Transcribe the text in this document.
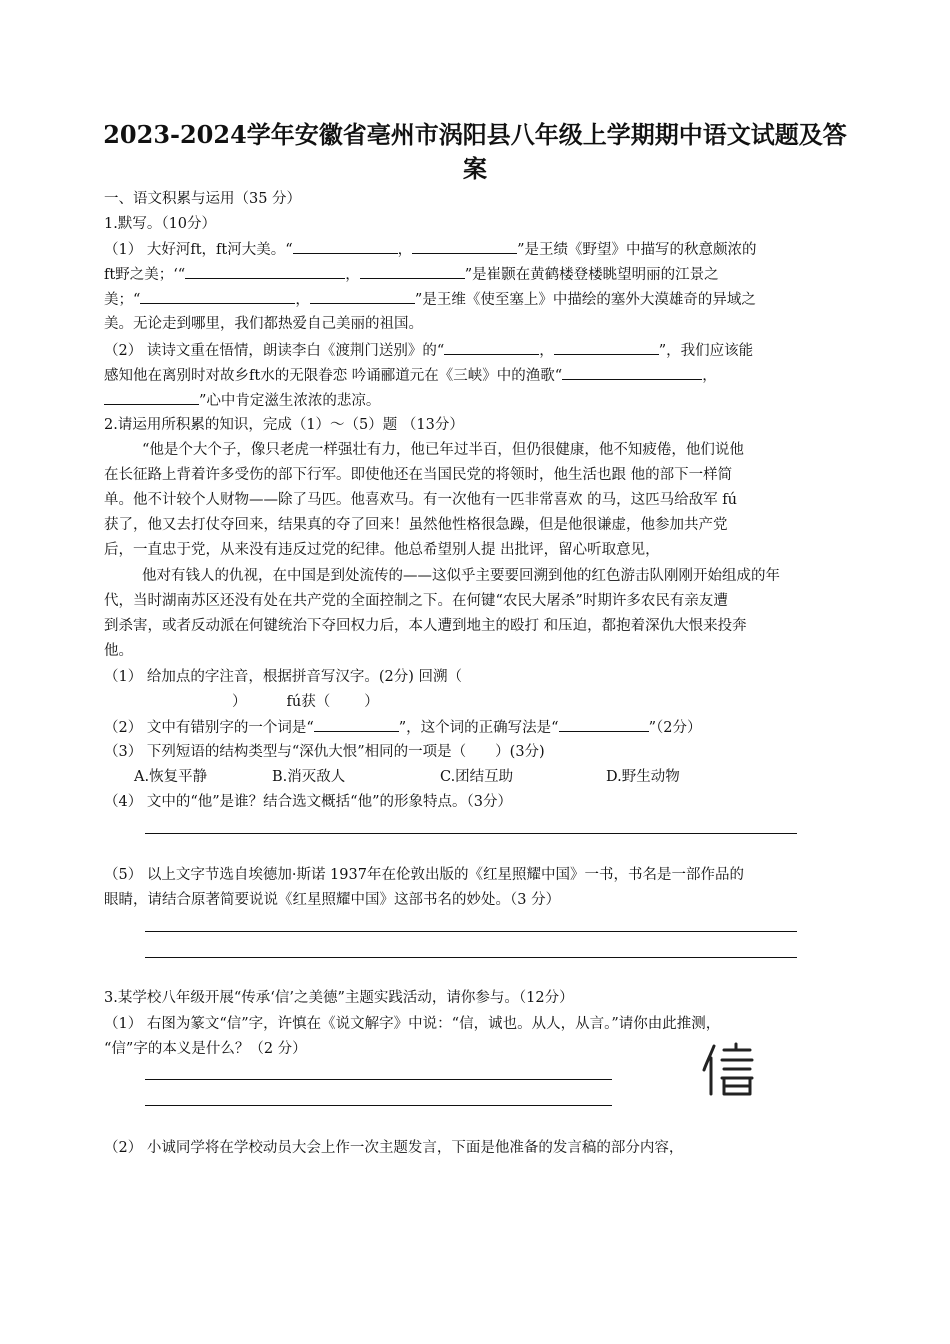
2023-2024学年安徽省亳州市涡阳县八年级上学期期中语文试题及答
案
一、语文积累与运用（35 分）
1.默写。（10分）
（1） 大好河ft，ft河大美。“	，	”是王绩《野望》中描写的秋意颇浓的
ft野之美；‘“	，	”是崔颢在黄鹤楼登楼眺望明丽的江景之
美；“	，	”是王维《使至塞上》中描绘的塞外大漠雄奇的异域之
美。无论走到哪里，我们都热爱自己美丽的祖国。
（2） 读诗文重在悟情，朗读李白《渡荆门送别》的“	，	”，我们应该能
感知他在离别时对故乡ft水的无限眷恋 吟诵郦道元在《三峡》中的渔歌“	，
”心中肯定滋生浓浓的悲凉。
2.请运用所积累的知识，完成（1）～（5）题 （13分）
“他是个大个子，像只老虎一样强壮有力，他已年过半百，但仍很健康，他不知疲倦，他们说他
在长征路上背着许多受伤的部下行军。即使他还在当国民党的将领时，他生活也跟 他的部下一样简
单。他不计较个人财物——除了马匹。他喜欢马。有一次他有一匹非常喜欢 的马，这匹马给敌军 fú
获了，他又去打仗夺回来，结果真的夺了回来！虽然他性格很急躁，但是他很谦虚，他参加共产党
后，一直忠于党，从来没有违反过党的纪律。他总希望别人提 出批评，留心听取意见，
他对有钱人的仇视，在中国是到处流传的——这似乎主要要回溯到他的红色游击队刚刚开始组成的年
代，当时湖南苏区还没有处在共产党的全面控制之下。在何键“农民大屠杀”时期许多农民有亲友遭
到杀害，或者反动派在何键统治下夺回权力后，本人遭到地主的殴打 和压迫，都抱着深仇大恨来投奔
他。
（1） 给加点的字注音，根据拼音写汉字。(2分) 回溯（
）	fú获（ ）
（2） 文中有错别字的一个词是“	”，这个词的正确写法是“	”（2分）
（3） 下列短语的结构类型与“深仇大恨”相同的一项是（　　）(3分)
A.恢复平静	B.消灭敌人	C.团结互助	D.野生动物
（4） 文中的“他”是谁？结合选文概括“他”的形象特点。（3分）
（5） 以上文字节选自埃德加·斯诺 1937年在伦敦出版的《红星照耀中国》一书，书名是一部作品的
眼睛，请结合原著简要说说《红星照耀中国》这部书名的妙处。（3 分）
3.某学校八年级开展“传承‘信’之美德”主题实践活动，请你参与。（12分）
（1） 右图为篆文“信”字，许慎在《说文解字》中说：“信，诚也。从人，从言。”请你由此推测，
“信”字的本义是什么？（2 分）
（2） 小诚同学将在学校动员大会上作一次主题发言，下面是他准备的发言稿的部分内容，
